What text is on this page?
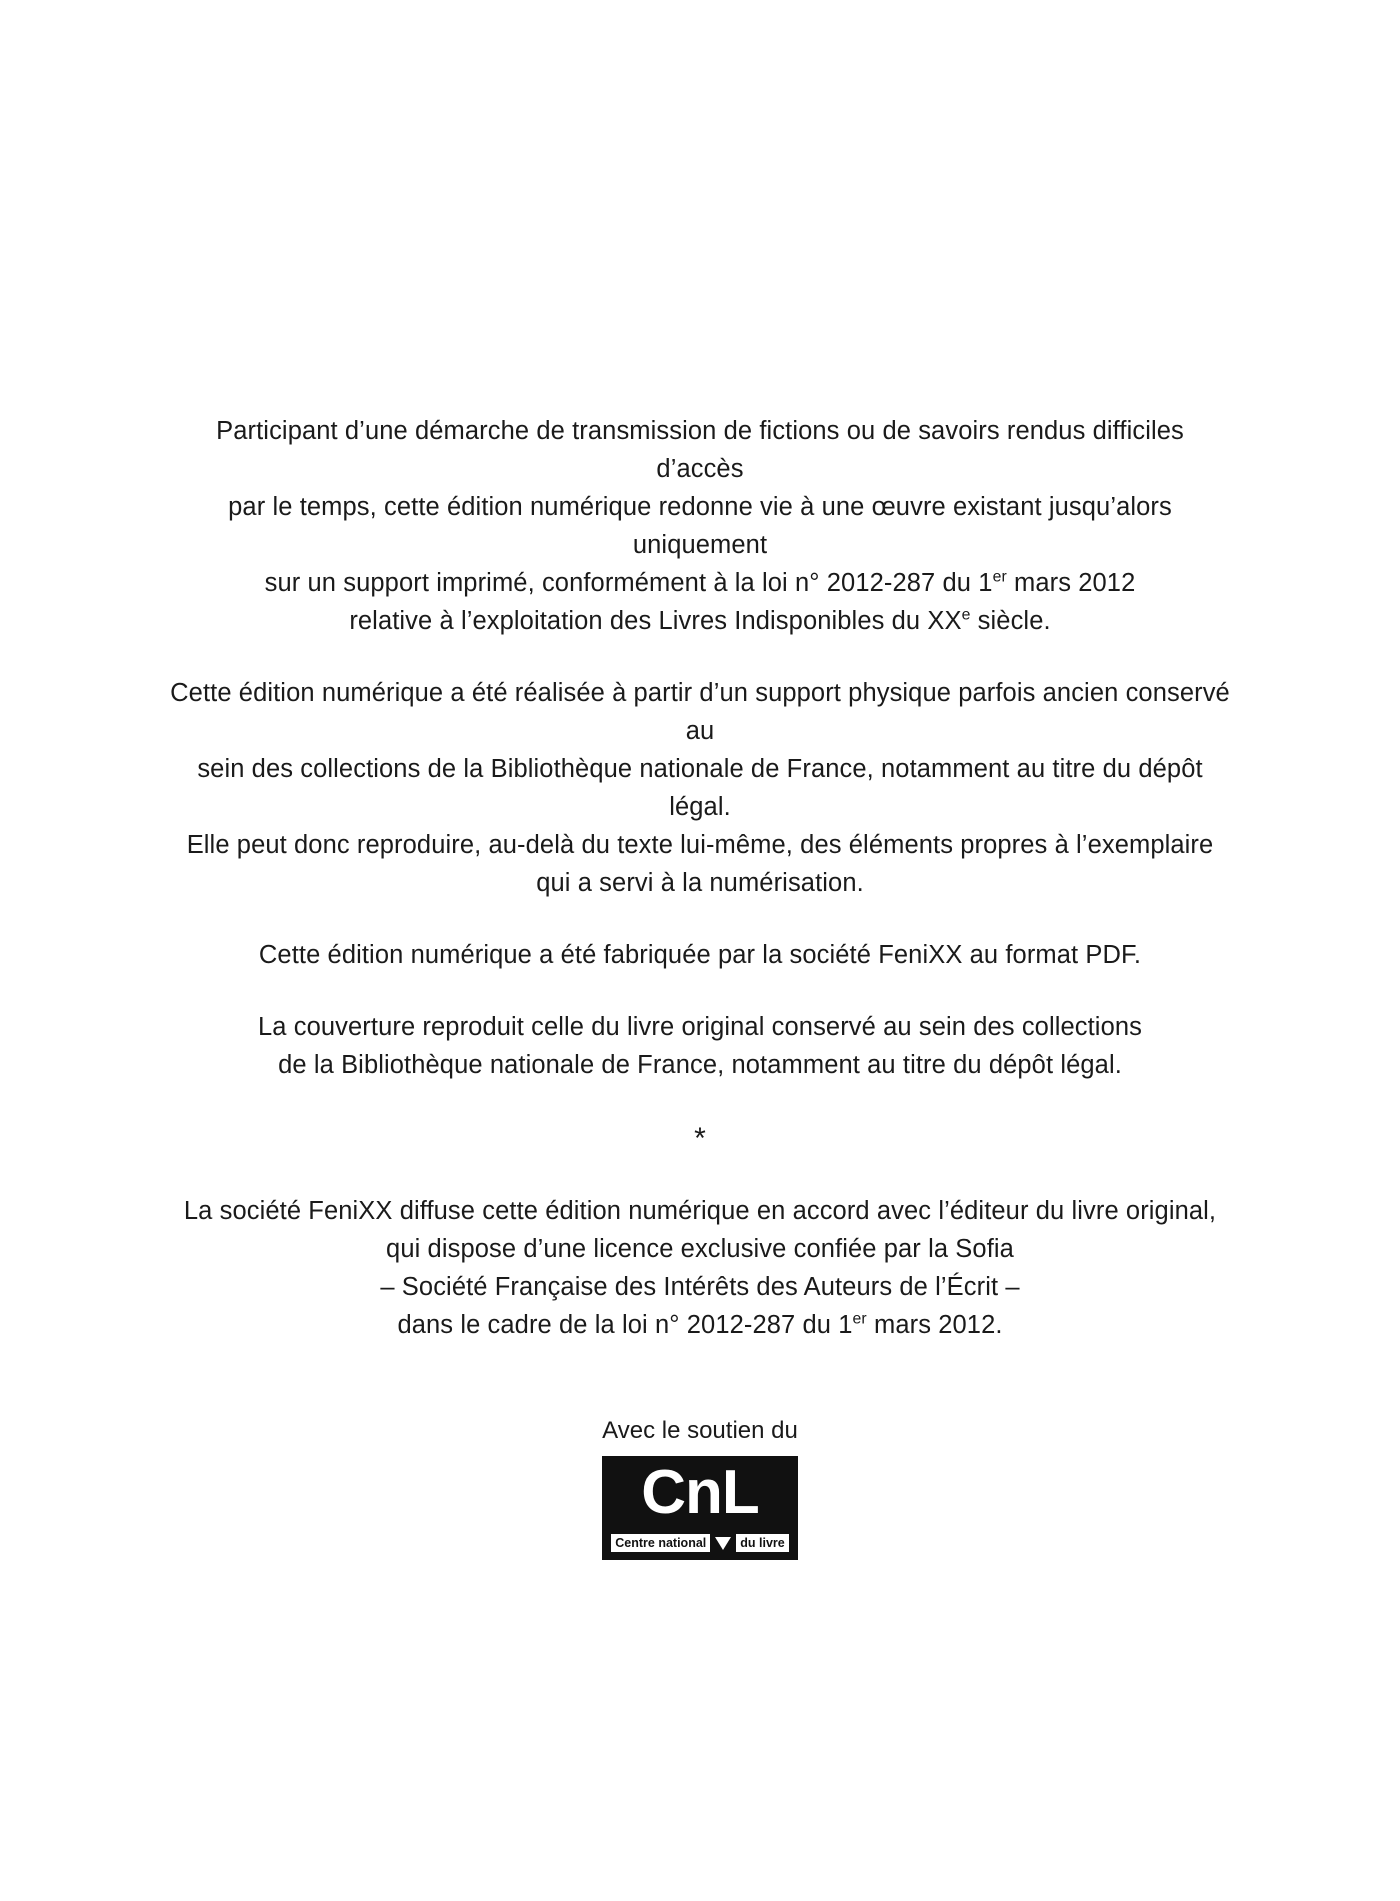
Participant d’une démarche de transmission de fictions ou de savoirs rendus difficiles d’accès
par le temps, cette édition numérique redonne vie à une œuvre existant jusqu’alors uniquement
sur un support imprimé, conformément à la loi n° 2012-287 du 1er mars 2012
relative à l’exploitation des Livres Indisponibles du XXe siècle.

Cette édition numérique a été réalisée à partir d’un support physique parfois ancien conservé au
sein des collections de la Bibliothèque nationale de France, notamment au titre du dépôt légal.
Elle peut donc reproduire, au-delà du texte lui-même, des éléments propres à l’exemplaire
qui a servi à la numérisation.

Cette édition numérique a été fabriquée par la société FeniXX au format PDF.

La couverture reproduit celle du livre original conservé au sein des collections
de la Bibliothèque nationale de France, notamment au titre du dépôt légal.

*

La société FeniXX diffuse cette édition numérique en accord avec l’éditeur du livre original,
qui dispose d’une licence exclusive confiée par la Sofia
– Société Française des Intérêts des Auteurs de l’Écrit –
dans le cadre de la loi n° 2012-287 du 1er mars 2012.

Avec le soutien du
CnL
Centre national	du livre
